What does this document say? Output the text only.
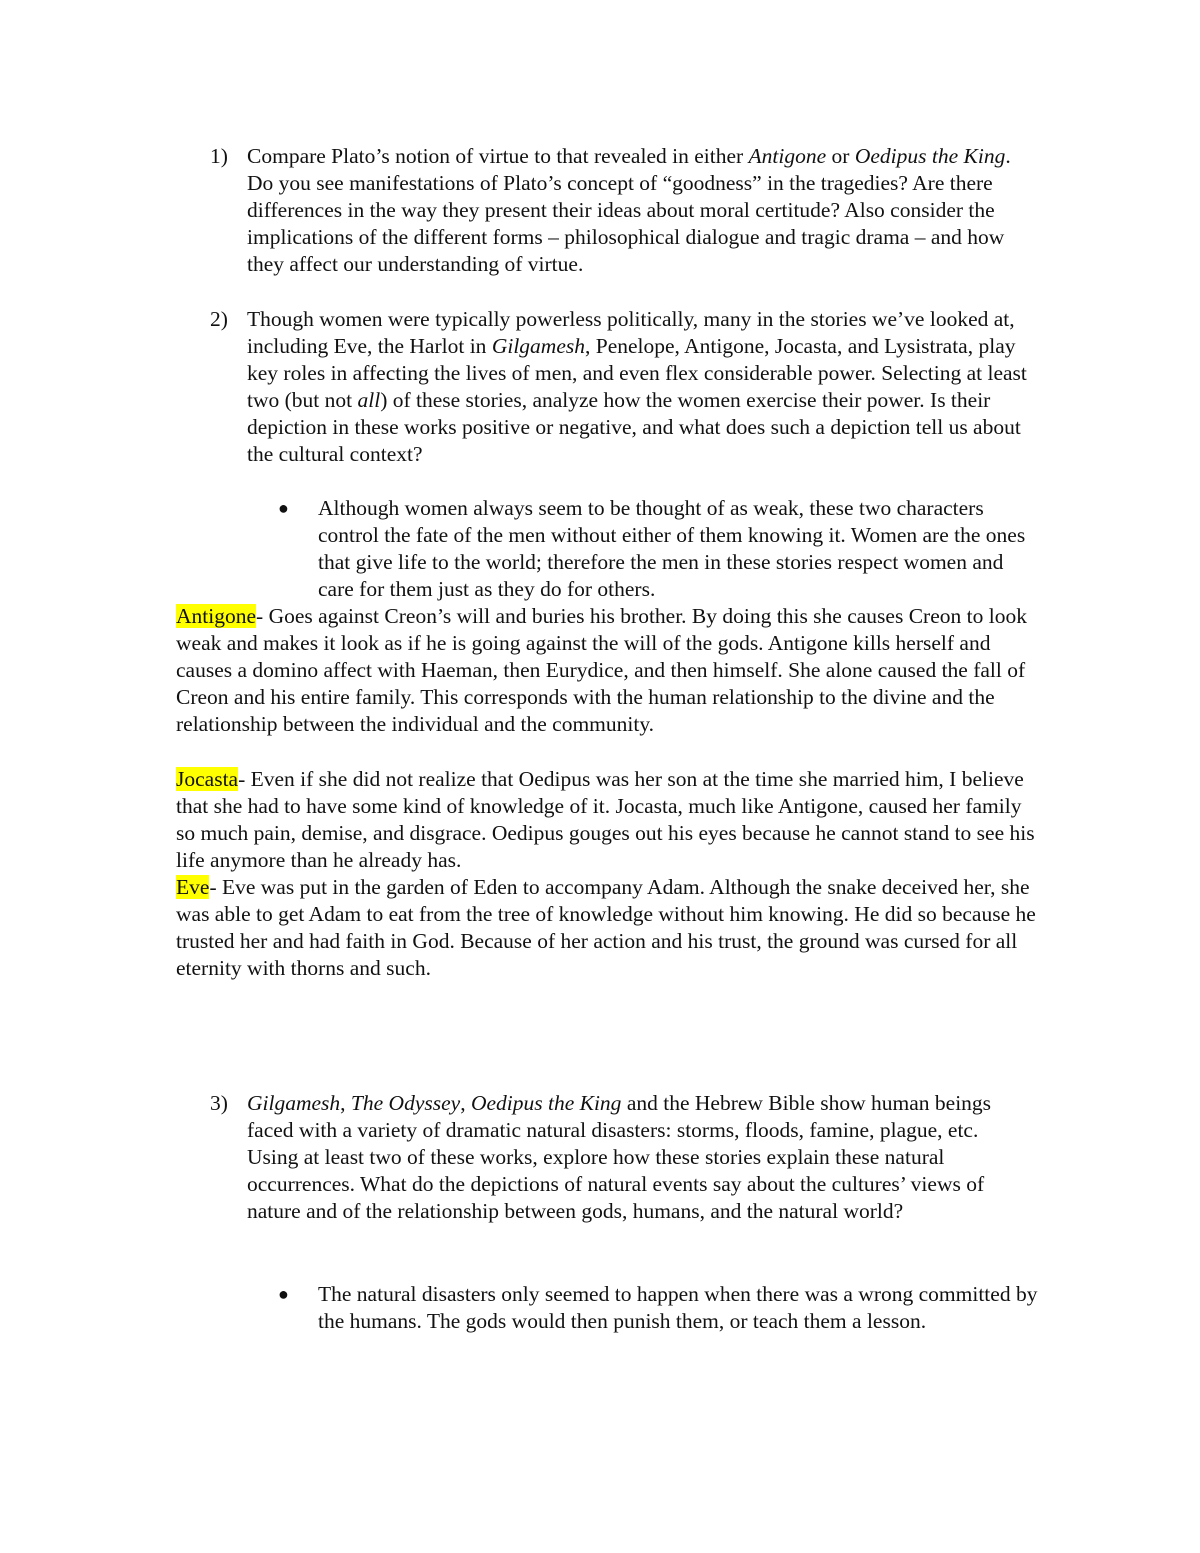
1) Compare Plato’s notion of virtue to that revealed in either Antigone or Oedipus the King. Do you see manifestations of Plato’s concept of “goodness” in the tragedies? Are there differences in the way they present their ideas about moral certitude? Also consider the implications of the different forms – philosophical dialogue and tragic drama – and how they affect our understanding of virtue.
2) Though women were typically powerless politically, many in the stories we’ve looked at, including Eve, the Harlot in Gilgamesh, Penelope, Antigone, Jocasta, and Lysistrata, play key roles in affecting the lives of men, and even flex considerable power. Selecting at least two (but not all) of these stories, analyze how the women exercise their power. Is their depiction in these works positive or negative, and what does such a depiction tell us about the cultural context?
●	Although women always seem to be thought of as weak, these two characters control the fate of the men without either of them knowing it. Women are the ones that give life to the world; therefore the men in these stories respect women and care for them just as they do for others.
Antigone- Goes against Creon’s will and buries his brother. By doing this she causes Creon to look weak and makes it look as if he is going against the will of the gods. Antigone kills herself and causes a domino affect with Haeman, then Eurydice, and then himself. She alone caused the fall of Creon and his entire family. This corresponds with the human relationship to the divine and the relationship between the individual and the community.
Jocasta- Even if she did not realize that Oedipus was her son at the time she married him, I believe that she had to have some kind of knowledge of it. Jocasta, much like Antigone, caused her family so much pain, demise, and disgrace. Oedipus gouges out his eyes because he cannot stand to see his life anymore than he already has.
Eve- Eve was put in the garden of Eden to accompany Adam. Although the snake deceived her, she was able to get Adam to eat from the tree of knowledge without him knowing. He did so because he trusted her and had faith in God. Because of her action and his trust, the ground was cursed for all eternity with thorns and such.
3) Gilgamesh, The Odyssey, Oedipus the King and the Hebrew Bible show human beings faced with a variety of dramatic natural disasters: storms, floods, famine, plague, etc. Using at least two of these works, explore how these stories explain these natural occurrences. What do the depictions of natural events say about the cultures’ views of nature and of the relationship between gods, humans, and the natural world?
●	The natural disasters only seemed to happen when there was a wrong committed by the humans. The gods would then punish them, or teach them a lesson.
